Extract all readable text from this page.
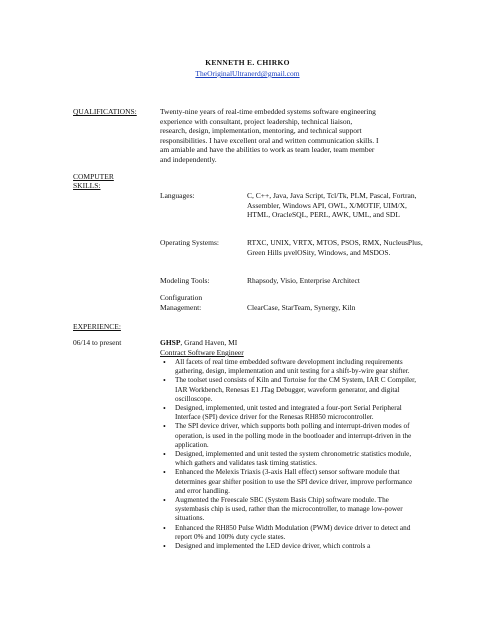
KENNETH E. CHIRKO
TheOriginalUltranerd@gmail.com
QUALIFICATIONS:	Twenty-nine years of real-time embedded systems software engineering experience with consultant, project leadership, technical liaison, research, design, implementation, mentoring, and technical support responsibilities. I have excellent oral and written communication skills. I am amiable and have the abilities to work as team leader, team member and independently.
COMPUTER SKILLS:
Languages:	C, C++, Java, Java Script, Tcl/Tk, PLM, Pascal, Fortran, Assembler, Windows API, OWL, X/MOTIF, UIM/X, HTML, OracleSQL, PERL, AWK, UML, and SDL
Operating Systems:	RTXC, UNIX, VRTX, MTOS, PSOS, RMX, NucleusPlus, Green Hills µvelOSity, Windows, and MSDOS.
Modeling Tools:	Rhapsody, Visio, Enterprise Architect
Configuration Management:	ClearCase, StarTeam, Synergy, Kiln
EXPERIENCE:
06/14 to present	GHSP, Grand Haven, MI
Contract Software Engineer
• All facets of real time embedded software development including requirements gathering, design, implementation and unit testing for a shift-by-wire gear shifter.
• The toolset used consists of Kiln and Tortoise for the CM System, IAR C Compiler, IAR Workbench, Renesas E1 JTag Debugger, waveform generator, and digital oscilloscope.
• Designed, implemented, unit tested and integrated a four-port Serial Peripheral Interface (SPI) device driver for the Renesas RH850 microcontroller.
• The SPI device driver, which supports both polling and interrupt-driven modes of operation, is used in the polling mode in the bootloader and interrupt-driven in the application.
• Designed, implemented and unit tested the system chronometric statistics module, which gathers and validates task timing statistics.
• Enhanced the Melexis Triaxis (3-axis Hall effect) sensor software module that determines gear shifter position to use the SPI device driver, improve performance and error handling.
• Augmented the Freescale SBC (System Basis Chip) software module. The systembasis chip is used, rather than the microcontroller, to manage low-power situations.
• Enhanced the RH850 Pulse Width Modulation (PWM) device driver to detect and report 0% and 100% duty cycle states.
• Designed and implemented the LED device driver, which controls a
